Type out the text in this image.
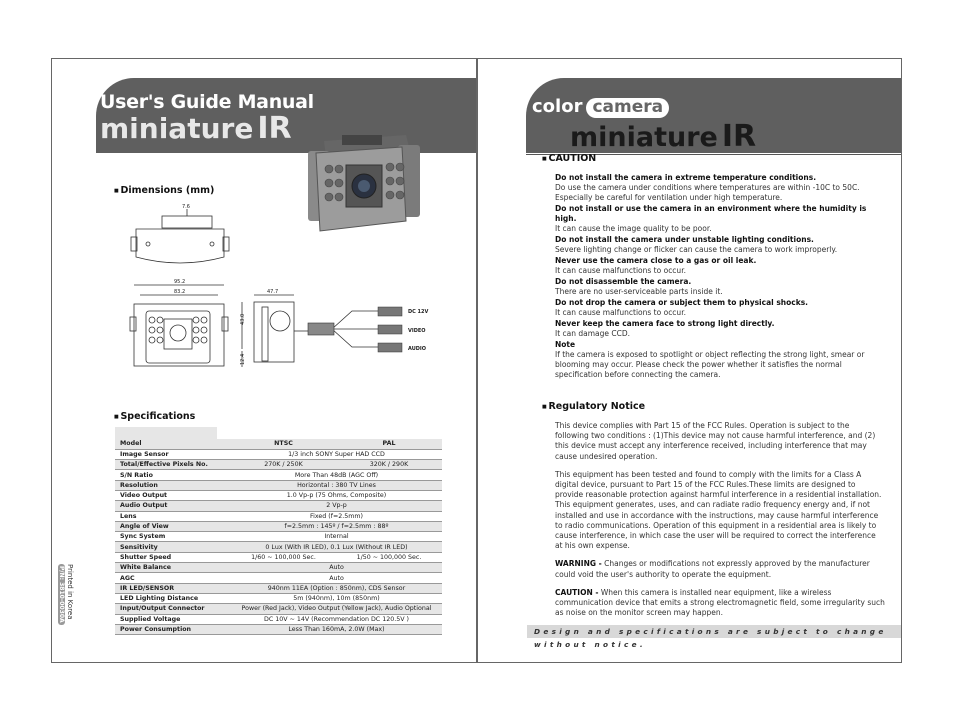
User's Guide Manual
miniature IR
■ Dimensions (mm)
95.2
83.2	47.7
DC 12V
VIDEO
AUDIO
7.6
43.0
12.4
■ Specifications
Model	NTSC	PAL
Image Sensor	1/3 inch SONY Super HAD CCD	
Total/Effective Pixels No.	270K / 250K	320K / 290K
S/N Ratio	More Than 48dB (AGC Off)	
Resolution	Horizontal : 380 TV Lines	
Video Output	1.0 Vp-p (75 Ohms, Composite)	
Audio Output	2 Vp-p	
Lens	Fixed (f=2.5mm)	
Angle of View	f=2.5mm : 145º / f=2.5mm : 88º	
Sync System	Internal	
Sensitivity	0 Lux (With IR LED), 0.1 Lux (Without IR LED)	
Shutter Speed	1/60 ~ 100,000 Sec.	1/50 ~ 100,000 Sec.
White Balance	Auto	
AGC	Auto	
IR LED/SENSOR	940nm 11EA (Option : 850nm), CDS Sensor	
LED Lighting Distance	5m (940nm), 10m (850nm)	
Input/Output Connector	Power (Red Jack), Video Output (Yellow Jack), Audio Optional	
Supplied Voltage	DC 10V ~ 14V (Recommendation DC 120.5V )	
Power Consumption	Less Than 160mA, 2.0W (Max)	
Printed in Korea
P/N: 3810-0030A
color camera
miniature IR
■ CAUTION
Do not install the camera in extreme temperature conditions.
Do use the camera under conditions where temperatures are within -10C to 50C. Especially be careful for ventilation under high temperature.
Do not install or use the camera in an environment where the humidity is high.
It can cause the image quality to be poor.
Do not install the camera under unstable lighting conditions.
Severe lighting change or flicker can cause the camera to work improperly.
Never use the camera close to a gas or oil leak.
It can cause malfunctions to occur.
Do not disassemble the camera.
There are no user-serviceable parts inside it.
Do not drop the camera or subject them to physical shocks.
It can cause malfunctions to occur.
Never keep the camera face to strong light directly.
It can damage CCD.
Note
If the camera is exposed to spotlight or object reflecting the strong light, smear or blooming may occur. Please check the power whether it satisfies the normal specification before connecting the camera.
■ Regulatory Notice

This device complies with Part 15 of the FCC Rules. Operation is subject to the following two conditions : (1)This device may not cause harmful interference, and (2) this device must accept any interference received, including interference that may cause undesired operation.

This equipment has been tested and found to comply with the limits for a Class A digital device, pursuant to Part 15 of the FCC Rules.These limits are designed to provide reasonable protection against harmful interference in a residential installation. This equipment generates, uses, and can radiate radio frequency energy and, if not installed and use in accordance with the instructions, may cause harmful interference to radio communications. Operation of this equipment in a residential area is likely to cause interference, in which case the user will be required to correct the interference at his own expense.

WARNING - Changes or modifications not expressly approved by the manufacturer could void the user's authority to operate the equipment.

CAUTION - When this camera is installed near equipment, like a wireless communication device that emits a strong electromagnetic field, some irregularity such as noise on the monitor screen may happen.

Design and specifications are subject to change without notice.
